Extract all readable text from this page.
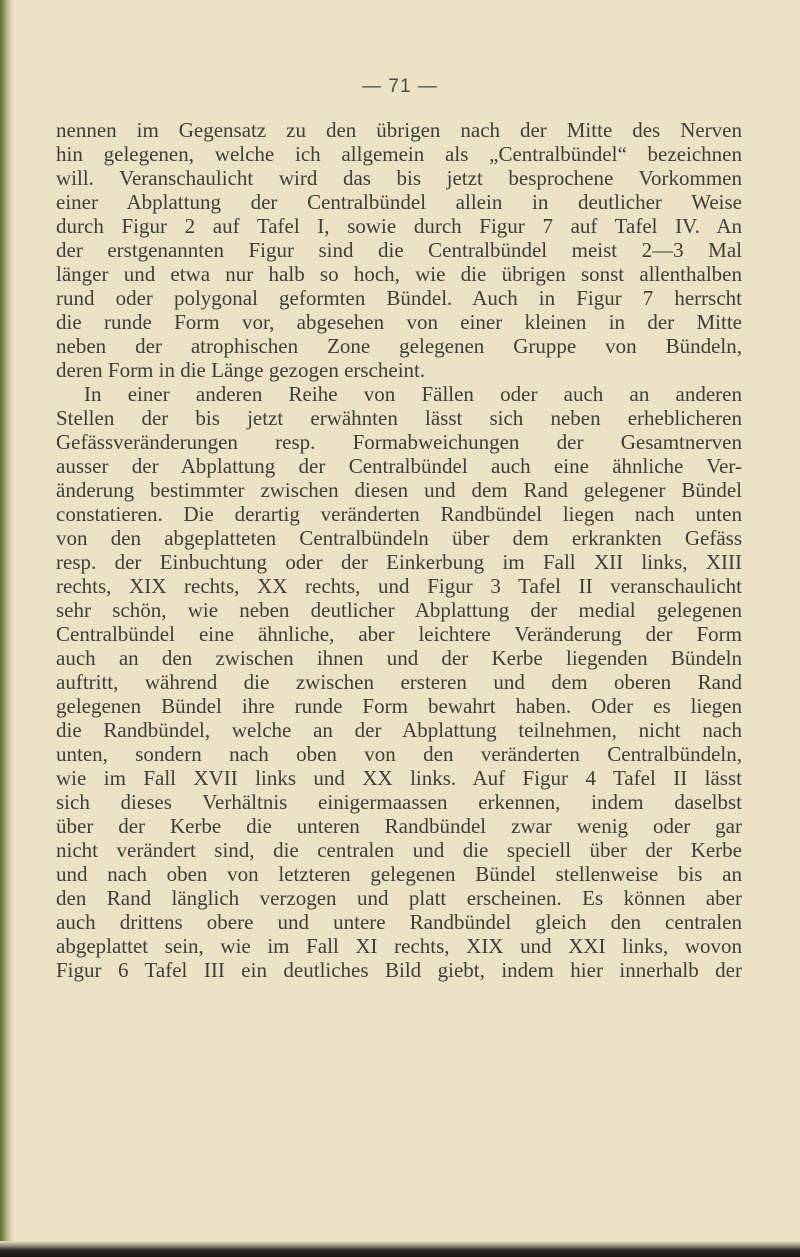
— 71 —
nennen im Gegensatz zu den übrigen nach der Mitte des Nerven
hin gelegenen, welche ich allgemein als „Centralbündel“ bezeichnen
will. Veranschaulicht wird das bis jetzt besprochene Vorkommen
einer Abplattung der Centralbündel allein in deutlicher Weise
durch Figur 2 auf Tafel I, sowie durch Figur 7 auf Tafel IV. An
der erstgenannten Figur sind die Centralbündel meist 2—3 Mal
länger und etwa nur halb so hoch, wie die übrigen sonst allenthalben
rund oder polygonal geformten Bündel. Auch in Figur 7 herrscht
die runde Form vor, abgesehen von einer kleinen in der Mitte
neben der atrophischen Zone gelegenen Gruppe von Bündeln,
deren Form in die Länge gezogen erscheint.
In einer anderen Reihe von Fällen oder auch an anderen
Stellen der bis jetzt erwähnten lässt sich neben erheblicheren
Gefässveränderungen resp. Formabweichungen der Gesamtnerven
ausser der Abplattung der Centralbündel auch eine ähnliche Ver-
änderung bestimmter zwischen diesen und dem Rand gelegener Bündel
constatieren. Die derartig veränderten Randbündel liegen nach unten
von den abgeplatteten Centralbündeln über dem erkrankten Gefäss
resp. der Einbuchtung oder der Einkerbung im Fall XII links, XIII
rechts, XIX rechts, XX rechts, und Figur 3 Tafel II veranschaulicht
sehr schön, wie neben deutlicher Abplattung der medial gelegenen
Centralbündel eine ähnliche, aber leichtere Veränderung der Form
auch an den zwischen ihnen und der Kerbe liegenden Bündeln
auftritt, während die zwischen ersteren und dem oberen Rand
gelegenen Bündel ihre runde Form bewahrt haben. Oder es liegen
die Randbündel, welche an der Abplattung teilnehmen, nicht nach
unten, sondern nach oben von den veränderten Centralbündeln,
wie im Fall XVII links und XX links. Auf Figur 4 Tafel II lässt
sich dieses Verhältnis einigermaassen erkennen, indem daselbst
über der Kerbe die unteren Randbündel zwar wenig oder gar
nicht verändert sind, die centralen und die speciell über der Kerbe
und nach oben von letzteren gelegenen Bündel stellenweise bis an
den Rand länglich verzogen und platt erscheinen. Es können aber
auch drittens obere und untere Randbündel gleich den centralen
abgeplattet sein, wie im Fall XI rechts, XIX und XXI links, wovon
Figur 6 Tafel III ein deutliches Bild giebt, indem hier innerhalb der
